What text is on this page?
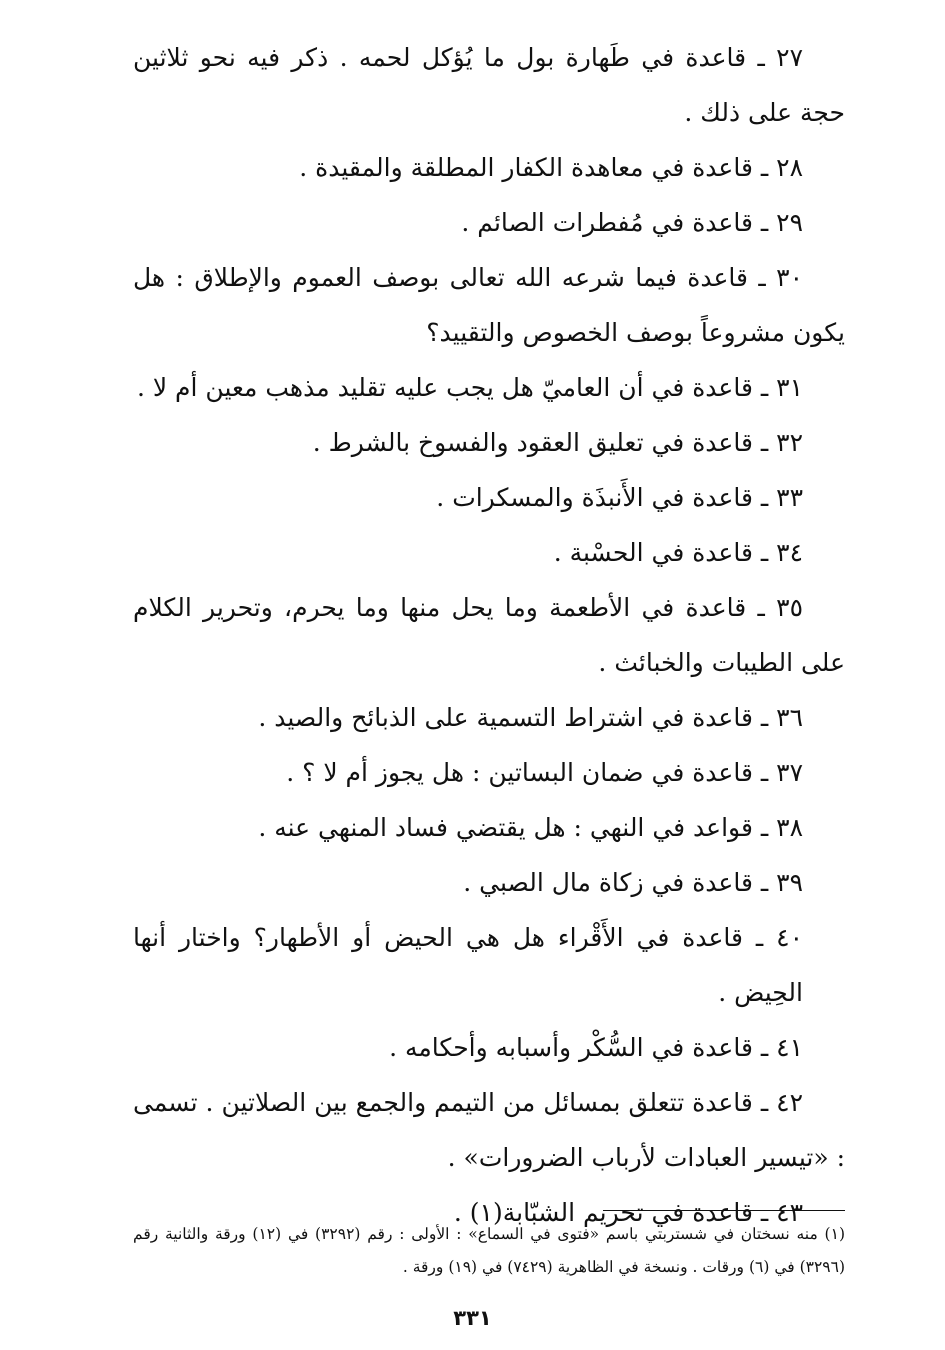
٢٧ ـ قاعدة في طَهارة بول ما يُؤكل لحمه . ذكر فيه نحو ثلاثين حجة على ذلك .

٢٨ ـ قاعدة في معاهدة الكفار المطلقة والمقيدة .

٢٩ ـ قاعدة في مُفطرات الصائم .

٣٠ ـ قاعدة فيما شرعه الله تعالى بوصف العموم والإطلاق : هل يكون مشروعاً بوصف الخصوص والتقييد؟

٣١ ـ قاعدة في أن العاميّ هل يجب عليه تقليد مذهب معين أم لا .

٣٢ ـ قاعدة في تعليق العقود والفسوخ بالشرط .

٣٣ ـ قاعدة في الأَنبذَة والمسكرات .

٣٤ ـ قاعدة في الحسْبة .

٣٥ ـ قاعدة في الأطعمة وما يحل منها وما يحرم، وتحرير الكلام على الطيبات والخبائث .

٣٦ ـ قاعدة في اشتراط التسمية على الذبائح والصيد .

٣٧ ـ قاعدة في ضمان البساتين : هل يجوز أم لا ؟ .

٣٨ ـ قواعد في النهي : هل يقتضي فساد المنهي عنه .

٣٩ ـ قاعدة في زكاة مال الصبي .

٤٠ ـ قاعدة في الأَقْراء هل هي الحيض أو الأطهار؟ واختار أنها الحِيض .

٤١ ـ قاعدة في السُّكْر وأسبابه وأحكامه .

٤٢ ـ قاعدة تتعلق بمسائل من التيمم والجمع بين الصلاتين . تسمى : «تيسير العبادات لأرباب الضرورات» .

٤٣ ـ قاعدة في تحريم الشبّابة(١) .

(١) منه نسختان في شستربتي باسم «فتوى في السماع» : الأولى : رقم (٣٢٩٢) في (١٢) ورقة والثانية رقم (٣٢٩٦) في (٦) ورقات . ونسخة في الظاهرية (٧٤٢٩) في (١٩) ورقة .

٣٣١
